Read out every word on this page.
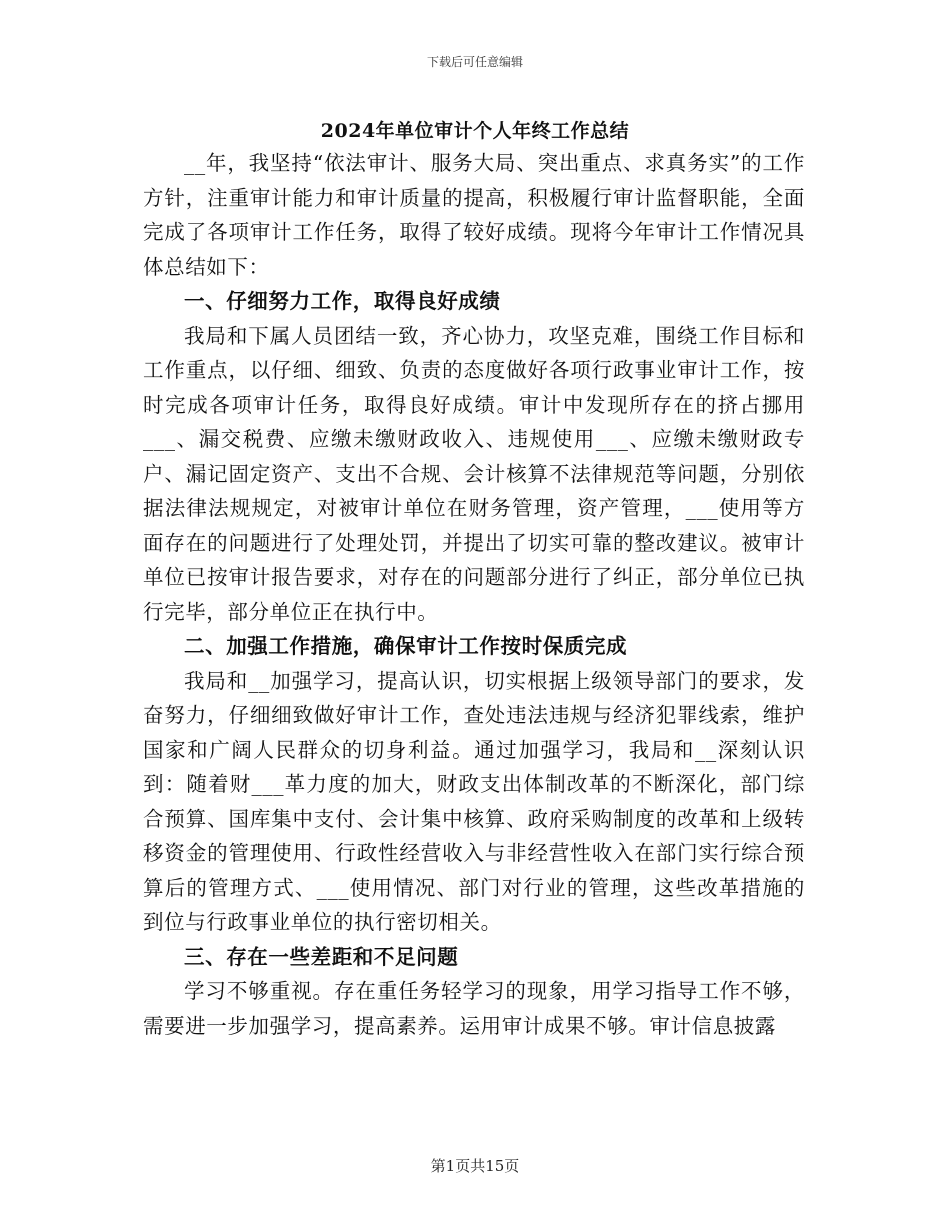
下载后可任意编辑
2024年单位审计个人年终工作总结

__年，我坚持“依法审计、服务大局、突出重点、求真务实”的工作方针，注重审计能力和审计质量的提高，积极履行审计监督职能，全面完成了各项审计工作任务，取得了较好成绩。现将今年审计工作情况具体总结如下：

一、仔细努力工作，取得良好成绩

我局和下属人员团结一致，齐心协力，攻坚克难，围绕工作目标和工作重点，以仔细、细致、负责的态度做好各项行政事业审计工作，按时完成各项审计任务，取得良好成绩。审计中发现所存在的挤占挪用___、漏交税费、应缴未缴财政收入、违规使用___、应缴未缴财政专户、漏记固定资产、支出不合规、会计核算不法律规范等问题，分别依据法律法规规定，对被审计单位在财务管理，资产管理，___使用等方面存在的问题进行了处理处罚，并提出了切实可靠的整改建议。被审计单位已按审计报告要求，对存在的问题部分进行了纠正，部分单位已执行完毕，部分单位正在执行中。

二、加强工作措施，确保审计工作按时保质完成

我局和__加强学习，提高认识，切实根据上级领导部门的要求，发奋努力，仔细细致做好审计工作，查处违法违规与经济犯罪线索，维护国家和广阔人民群众的切身利益。通过加强学习，我局和__深刻认识到：随着财___革力度的加大，财政支出体制改革的不断深化，部门综合预算、国库集中支付、会计集中核算、政府采购制度的改革和上级转移资金的管理使用、行政性经营收入与非经营性收入在部门实行综合预算后的管理方式、___使用情况、部门对行业的管理，这些改革措施的到位与行政事业单位的执行密切相关。

三、存在一些差距和不足问题

学习不够重视。存在重任务轻学习的现象，用学习指导工作不够，需要进一步加强学习，提高素养。运用审计成果不够。审计信息披露

第1页共15页
